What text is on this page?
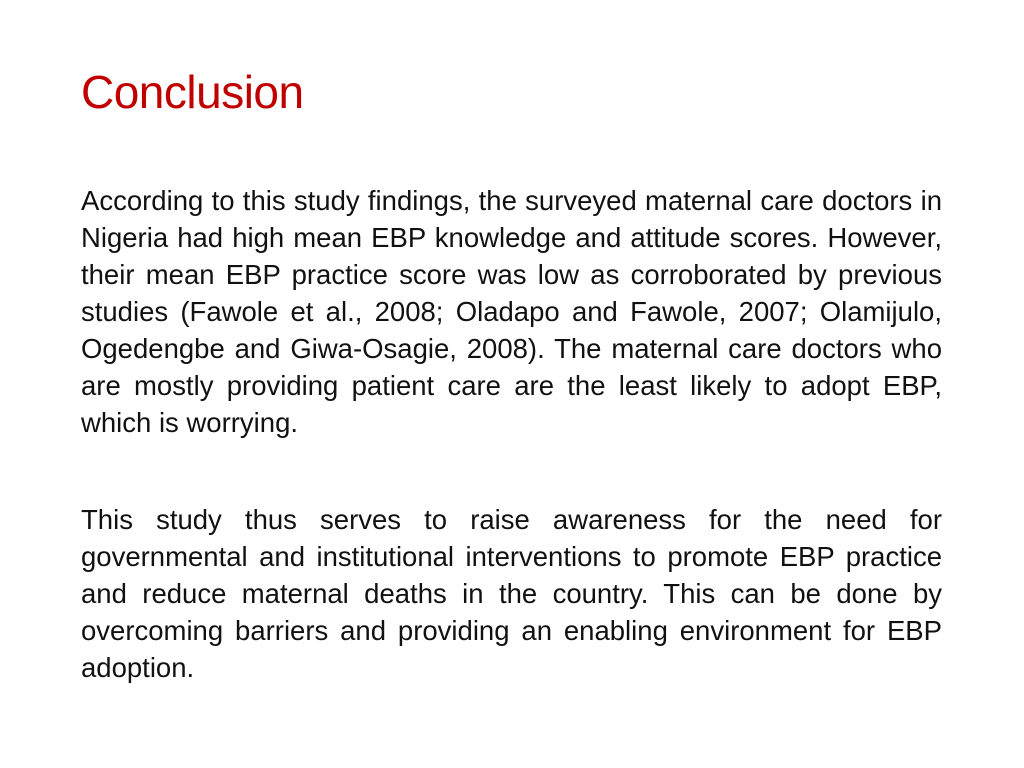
Conclusion

According to this study findings, the surveyed maternal care doctors in Nigeria had high mean EBP knowledge and attitude scores. However, their mean EBP practice score was low as corroborated by previous studies (Fawole et al., 2008; Oladapo and Fawole, 2007; Olamijulo, Ogedengbe and Giwa-Osagie, 2008). The maternal care doctors who are mostly providing patient care are the least likely to adopt EBP, which is worrying.

This study thus serves to raise awareness for the need for governmental and institutional interventions to promote EBP practice and reduce maternal deaths in the country. This can be done by overcoming barriers and providing an enabling environment for EBP adoption.
